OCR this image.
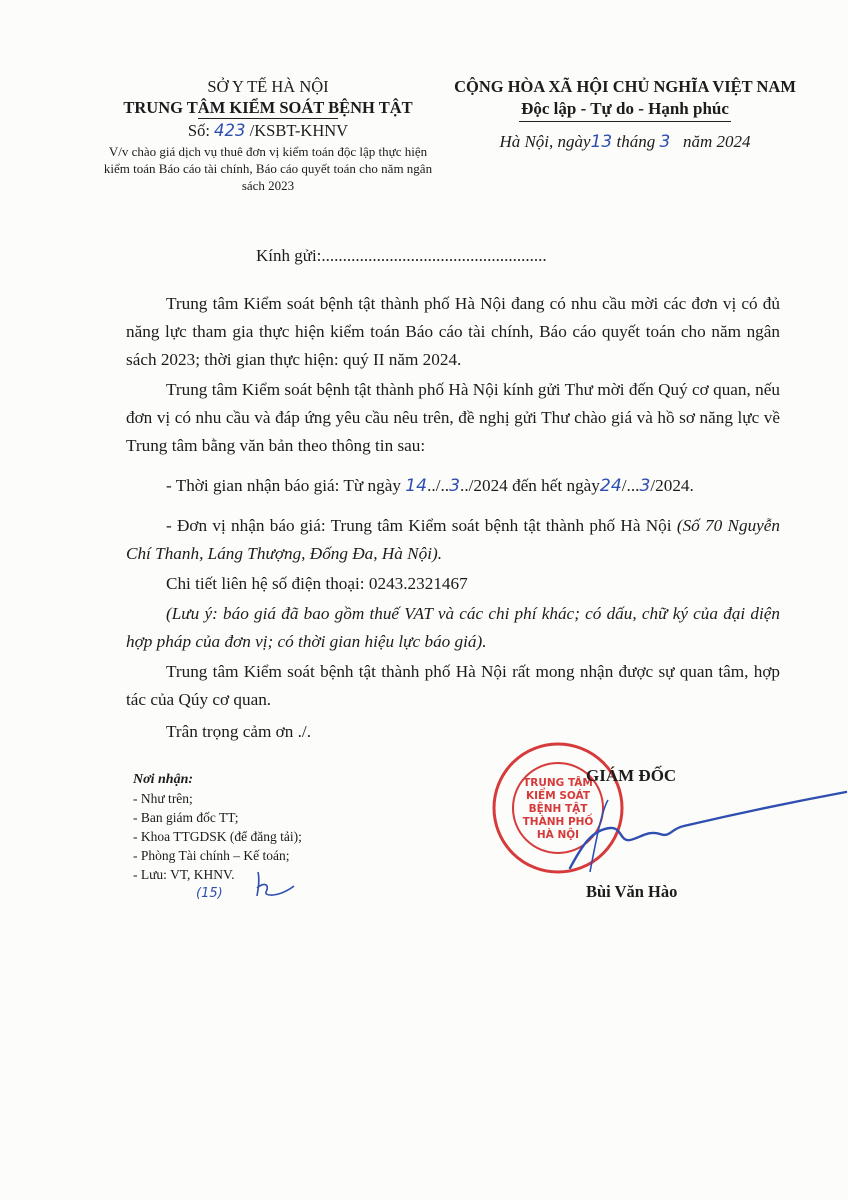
SỞ Y TẾ HÀ NỘI
TRUNG TÂM KIỂM SOÁT BỆNH TẬT
Số: 423 /KSBT-KHNV
V/v chào giá dịch vụ thuê đơn vị kiểm toán độc lập thực hiện kiểm toán Báo cáo tài chính, Báo cáo quyết toán cho năm ngân sách 2023
CỘNG HÒA XÃ HỘI CHỦ NGHĨA VIỆT NAM
Độc lập - Tự do - Hạnh phúc
Hà Nội, ngày13 tháng 3 năm 2024
Kính gửi:.....................................................
Trung tâm Kiểm soát bệnh tật thành phố Hà Nội đang có nhu cầu mời các đơn vị có đủ năng lực tham gia thực hiện kiểm toán Báo cáo tài chính, Báo cáo quyết toán cho năm ngân sách 2023; thời gian thực hiện: quý II năm 2024.
Trung tâm Kiểm soát bệnh tật thành phố Hà Nội kính gửi Thư mời đến Quý cơ quan, nếu đơn vị có nhu cầu và đáp ứng yêu cầu nêu trên, đề nghị gửi Thư chào giá và hồ sơ năng lực về Trung tâm bằng văn bản theo thông tin sau:
- Thời gian nhận báo giá: Từ ngày 14../..3../2024 đến hết ngày24/...3/2024.
- Đơn vị nhận báo giá: Trung tâm Kiểm soát bệnh tật thành phố Hà Nội (Số 70 Nguyễn Chí Thanh, Láng Thượng, Đống Đa, Hà Nội).
Chi tiết liên hệ số điện thoại: 0243.2321467
(Lưu ý: báo giá đã bao gồm thuế VAT và các chi phí khác; có dấu, chữ ký của đại diện hợp pháp của đơn vị; có thời gian hiệu lực báo giá).
Trung tâm Kiểm soát bệnh tật thành phố Hà Nội rất mong nhận được sự quan tâm, hợp tác của Qúy cơ quan.
Trân trọng cảm ơn ./.
Nơi nhận:
- Như trên;
- Ban giám đốc TT;
- Khoa TTGDSK (để đăng tải);
- Phòng Tài chính – Kế toán;
- Lưu: VT, KHNV.
(15)
TRUNG TÂM
KIỂM SOÁT
BỆNH TẬT
THÀNH PHỐ
HÀ NỘI
GIÁM ĐỐC
Bùi Văn Hào
